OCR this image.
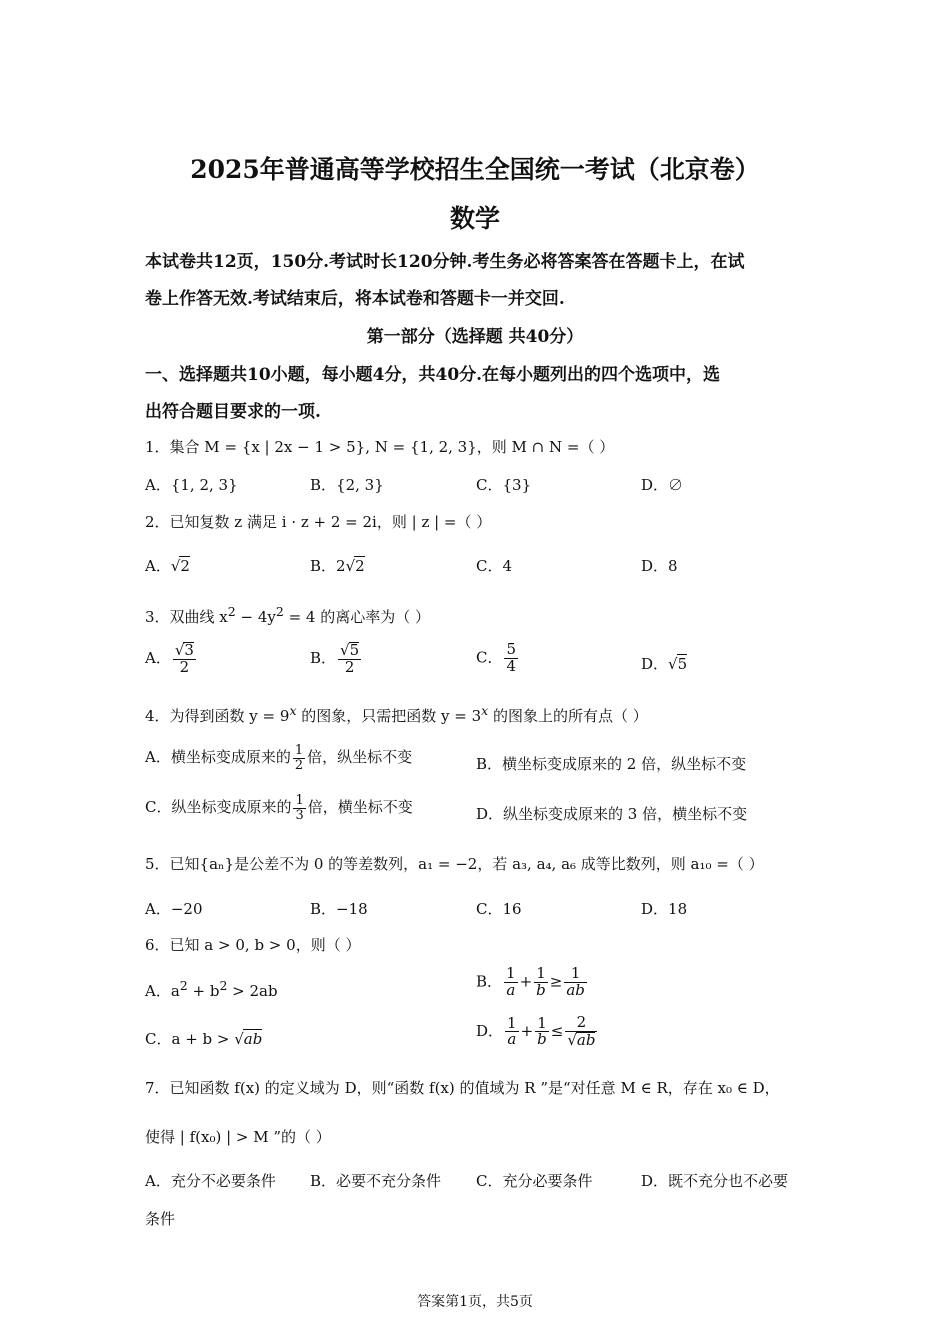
2025年普通高等学校招生全国统一考试（北京卷）
数学
本试卷共12页，150分.考试时长120分钟.考生务必将答案答在答题卡上，在试
卷上作答无效.考试结束后，将本试卷和答题卡一并交回.
第一部分（选择题 共40分）
一、选择题共10小题，每小题4分，共40分.在每小题列出的四个选项中，选
出符合题目要求的一项.
1．集合 M = {x | 2x − 1 > 5}, N = {1, 2, 3}，则 M ∩ N =（ ）
A．{1, 2, 3}	B．{2, 3}	C．{3}	D．∅
2．已知复数 z 满足 i · z + 2 = 2i，则 | z | =（ ）
A．√2	B．2√2	C．4	D．8
3．双曲线 $x^2 - 4y^2 = 4$ 的离心率为（ ）
A． $\frac{√3}{2}$	B． $\frac{√5}{2}$	C． $\frac{5}{4}$	D．√5
4．为得到函数 $y = 9^x$ 的图象，只需把函数 $y = 3^x$ 的图象上的所有点（ ）
A．横坐标变成原来的 $\frac{1}{2}$ 倍，纵坐标不变	B．横坐标变成原来的 2 倍，纵坐标不变
C．纵坐标变成原来的 $\frac{1}{3}$ 倍，横坐标不变	D．纵坐标变成原来的 3 倍，横坐标不变
5．已知{aₙ}是公差不为 0 的等差数列，a₁ = −2，若 a₃, a₄, a₆ 成等比数列，则 a₁₀ =（ ）
A．−20	B．−18	C．16	D．18
6．已知 a > 0, b > 0，则（ ）
A．$a^2 + b^2 > 2ab$
B． $\frac{1}{a} + \frac{1}{b} \ge \frac{1}{ab}$
C．a + b > √ab	D． $\frac{1}{a} + \frac{1}{b} \le \frac{2}{√ab}$
7．已知函数 f(x) 的定义域为 D，则“函数 f(x) 的值域为 R ”是“对任意 M ∈ R，存在 x₀ ∈ D，
使得 | f(x₀) | > M ”的（ ）
A．充分不必要条件 B．必要不充分条件 C．充分必要条件	D．既不充分也不必要
条件
答案第1页，共5页
